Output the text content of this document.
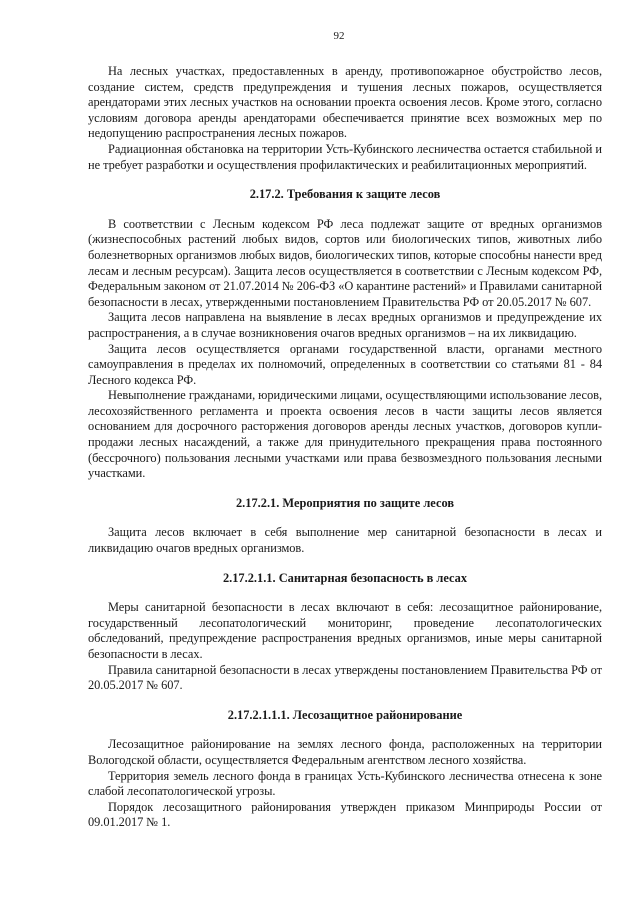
92

На лесных участках, предоставленных в аренду, противопожарное обустройство лесов, создание систем, средств предупреждения и тушения лесных пожаров, осуществляется арендаторами этих лесных участков на основании проекта освоения лесов. Кроме этого, согласно условиям договора аренды арендаторами обеспечивается принятие всех возможных мер по недопущению распространения лесных пожаров.

Радиационная обстановка на территории Усть-Кубинского лесничества остается стабильной и не требует разработки и осуществления профилактических и реабилитационных мероприятий.

2.17.2. Требования к защите лесов

В соответствии с Лесным кодексом РФ леса подлежат защите от вредных организмов (жизнеспособных растений любых видов, сортов или биологических типов, животных либо болезнетворных организмов любых видов, биологических типов, которые способны нанести вред лесам и лесным ресурсам). Защита лесов осуществляется в соответствии с Лесным кодексом РФ, Федеральным законом от 21.07.2014 № 206-ФЗ «О карантине растений» и Правилами санитарной безопасности в лесах, утвержденными постановлением Правительства РФ от 20.05.2017 № 607.

Защита лесов направлена на выявление в лесах вредных организмов и предупреждение их распространения, а в случае возникновения очагов вредных организмов – на их ликвидацию.

Защита лесов осуществляется органами государственной власти, органами местного самоуправления в пределах их полномочий, определенных в соответствии со статьями 81 - 84 Лесного кодекса РФ.

Невыполнение гражданами, юридическими лицами, осуществляющими использование лесов, лесохозяйственного регламента и проекта освоения лесов в части защиты лесов является основанием для досрочного расторжения договоров аренды лесных участков, договоров купли-продажи лесных насаждений, а также для принудительного прекращения права постоянного (бессрочного) пользования лесными участками или права безвозмездного пользования лесными участками.

2.17.2.1. Мероприятия по защите лесов

Защита лесов включает в себя выполнение мер санитарной безопасности в лесах и ликвидацию очагов вредных организмов.

2.17.2.1.1. Санитарная безопасность в лесах

Меры санитарной безопасности в лесах включают в себя: лесозащитное районирование, государственный лесопатологический мониторинг, проведение лесопатологических обследований, предупреждение распространения вредных организмов, иные меры санитарной безопасности в лесах.

Правила санитарной безопасности в лесах утверждены постановлением Правительства РФ от 20.05.2017 № 607.

2.17.2.1.1.1. Лесозащитное районирование

Лесозащитное районирование на землях лесного фонда, расположенных на территории Вологодской области, осуществляется Федеральным агентством лесного хозяйства.

Территория земель лесного фонда в границах Усть-Кубинского лесничества отнесена к зоне слабой лесопатологической угрозы.

Порядок лесозащитного районирования утвержден приказом Минприроды России от 09.01.2017 № 1.
